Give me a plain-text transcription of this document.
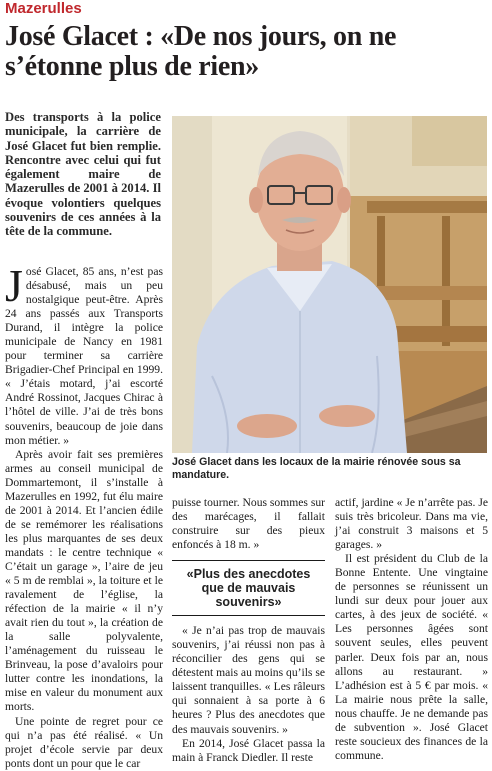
Mazerulles
José Glacet : «De nos jours, on ne s’étonne plus de rien»

Des transports à la police municipale, la carrière de José Glacet fut bien remplie. Rencontre avec celui qui fut également maire de Mazerulles de 2001 à 2014. Il évoque volontiers quelques souvenirs de ces années à la tête de la commune.

José Glacet, 85 ans, n’est pas désabusé, mais un peu nostalgique peut-être. Après 24 ans passés aux Transports Durand, il intègre la police municipale de Nancy en 1981 pour terminer sa carrière Brigadier-Chef Principal en 1999. « J’étais motard, j’ai escorté André Rossinot, Jacques Chirac à l’hôtel de ville. J’ai de très bons souvenirs, beaucoup de joie dans mon métier. »

Après avoir fait ses premières armes au conseil municipal de Dommartemont, il s’installe à Mazerulles en 1992, fut élu maire de 2001 à 2014. Et l’ancien édile de se remémorer les réalisations les plus marquantes de ses deux mandats : le centre technique « C’était un garage », l’aire de jeu « 5 m de remblai », la toiture et le ravalement de l’église, la réfection de la mairie « il n’y avait rien du tout », la création de la salle polyvalente, l’aménagement du ruisseau le Brinveau, la pose d’avaloirs pour lutter contre les inondations, la mise en valeur du monument aux morts.

Une pointe de regret pour ce qui n’a pas été réalisé. « Un projet d’école servie par deux ponts dont un pour que le car

José Glacet dans les locaux de la mairie rénovée sous sa mandature.

puisse tourner. Nous sommes sur des marécages, il fallait construire sur des pieux enfoncés à 18 m. »

«Plus des anecdotes que de mauvais souvenirs»

« Je n’ai pas trop de mauvais souvenirs, j’ai réussi non pas à réconcilier des gens qui se détestent mais au moins qu’ils se laissent tranquilles. « Les râleurs qui sonnaient à sa porte à 6 heures ? Plus des anecdotes que des mauvais souvenirs. »

En 2014, José Glacet passa la main à Franck Diedler. Il reste

actif, jardine « Je n’arrête pas. Je suis très bricoleur. Dans ma vie, j’ai construit 3 maisons et 5 garages. »

Il est président du Club de la Bonne Entente. Une vingtaine de personnes se réunissent un lundi sur deux pour jouer aux cartes, à des jeux de société. « Les personnes âgées sont souvent seules, elles peuvent parler. Deux fois par an, nous allons au restaurant. » L’adhésion est à 5 € par mois. « La mairie nous prête la salle, nous chauffe. Je ne demande pas de subvention ». José Glacet reste soucieux des finances de la commune.
